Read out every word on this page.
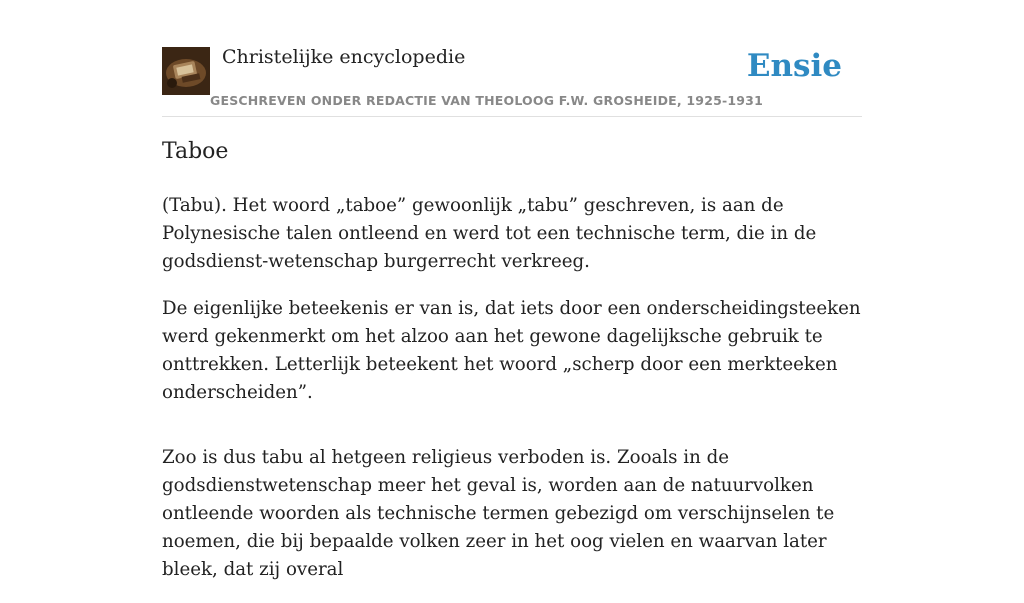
Christelijke encyclopedie
GESCHREVEN ONDER REDACTIE VAN THEOLOOG F.W. GROSHEIDE, 1925-1931
Ensie
Taboe

(Tabu). Het woord „taboe” gewoonlijk „tabu” geschreven, is aan de Polynesische talen ontleend en werd tot een technische term, die in de godsdienst-wetenschap burgerrecht verkreeg.

De eigenlijke beteekenis er van is, dat iets door een onderscheidingsteeken werd gekenmerkt om het alzoo aan het gewone dagelijksche gebruik te onttrekken. Letterlijk beteekent het woord „scherp door een merkteeken onderscheiden”.

Zoo is dus tabu al hetgeen religieus verboden is. Zooals in de godsdienstwetenschap meer het geval is, worden aan de natuurvolken ontleende woorden als technische termen gebezigd om verschijnselen te noemen, die bij bepaalde volken zeer in het oog vielen en waarvan later bleek, dat zij overal
